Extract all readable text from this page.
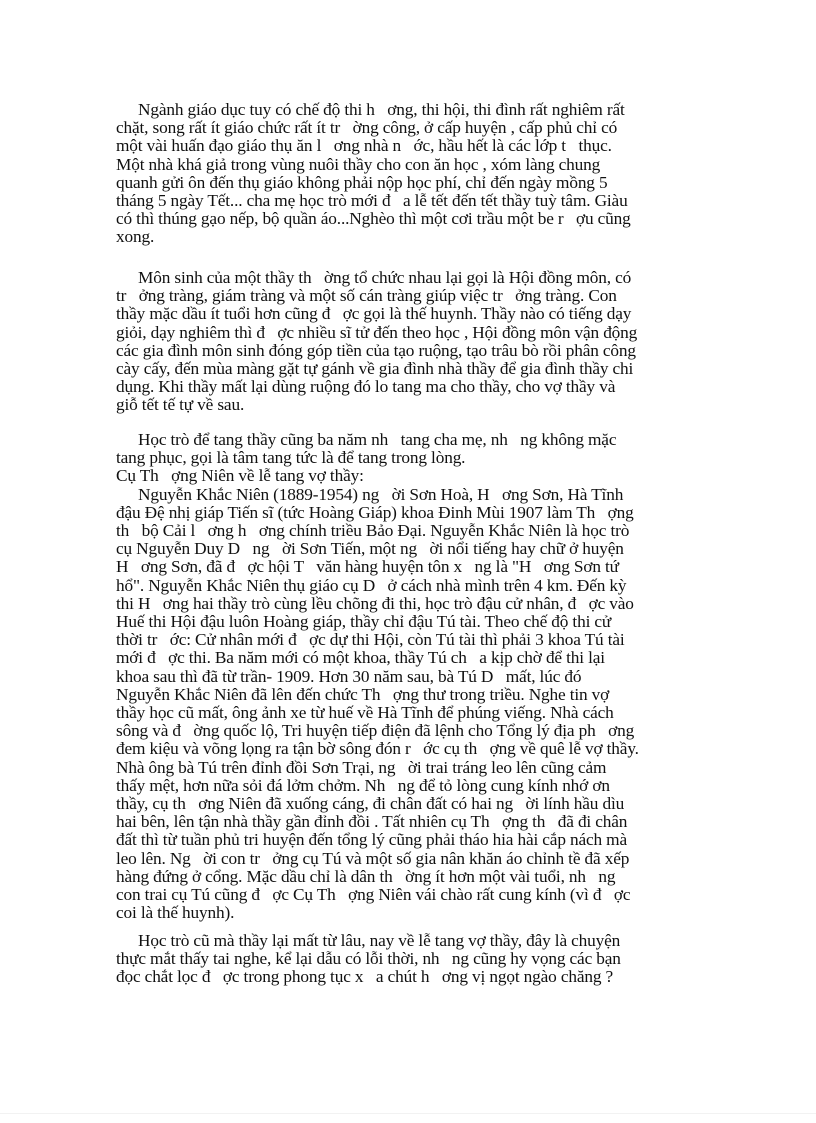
Ngành giáo dục tuy có chế độ thi h   ơng, thi hội, thi đình rất nghiêm rất
chặt, song rất ít giáo chức rất ít tr   ờng công, ở cấp huyện , cấp phủ chỉ có
một vài huấn đạo giáo thụ ăn l   ơng nhà n   ớc, hầu hết là các lớp t   thục.
Một nhà khá giả trong vùng nuôi thầy cho con ăn học , xóm làng chung
quanh gửi ôn đến thụ giáo không phải nộp học phí, chỉ đến ngày mồng 5
tháng 5 ngày Tết... cha mẹ học trò mới đ   a lễ tết đến tết thầy tuỳ tâm. Giàu
có thì thúng gạo nếp, bộ quần áo...Nghèo thì một cơi trầu một be r   ợu cũng
xong.
Môn sinh của một thầy th   ờng tổ chức nhau lại gọi là Hội đồng môn, có
tr   ởng tràng, giám tràng và một số cán tràng giúp việc tr   ởng tràng. Con
thầy mặc dầu ít tuổi hơn cũng đ   ợc gọi là thế huynh. Thầy nào có tiếng dạy
giỏi, dạy nghiêm thì đ   ợc nhiều sĩ tử đến theo học , Hội đồng môn vận động
các gia đình môn sinh đóng góp tiền của tạo ruộng, tạo trâu bò rồi phân công
cày cấy, đến mùa màng gặt tự gánh về gia đình nhà thầy để gia đình thầy chi
dụng. Khi thầy mất lại dùng ruộng đó lo tang ma cho thầy, cho vợ thầy và
giỗ tết tế tự về sau.
Học trò để tang thầy cũng ba năm nh   tang cha mẹ, nh   ng không mặc
tang phục, gọi là tâm tang tức là để tang trong lòng.
Cụ Th   ợng Niên về lễ tang vợ thầy:
Nguyễn Khắc Niên (1889-1954) ng   ời Sơn Hoà, H   ơng Sơn, Hà Tĩnh
đậu Đệ nhị giáp Tiến sĩ (tức Hoàng Giáp) khoa Đinh Mùi 1907 làm Th   ợng
th   bộ Cải l   ơng h   ơng chính triều Bảo Đại. Nguyễn Khắc Niên là học trò
cụ Nguyễn Duy D   ng   ời Sơn Tiến, một ng   ời nổi tiếng hay chữ ở huyện
H   ơng Sơn, đã đ   ợc hội T   văn hàng huyện tôn x   ng là "H   ơng Sơn tứ
hổ". Nguyễn Khắc Niên thụ giáo cụ D   ở cách nhà mình trên 4 km. Đến kỳ
thi H   ơng hai thầy trò cùng lều chõng đi thi, học trò đậu cử nhân, đ   ợc vào
Huế thi Hội đậu luôn Hoàng giáp, thầy chỉ đậu Tú tài. Theo chế độ thi cử
thời tr   ớc: Cử nhân mới đ   ợc dự thi Hội, còn Tú tài thì phải 3 khoa Tú tài
mới đ   ợc thi. Ba năm mới có một khoa, thầy Tú ch   a kịp chờ để thi lại
khoa sau thì đã từ trần- 1909. Hơn 30 năm sau, bà Tú D   mất, lúc đó
Nguyễn Khắc Niên đã lên đến chức Th   ợng thư trong triều. Nghe tin vợ
thầy học cũ mất, ông ảnh xe từ huế về Hà Tĩnh để phúng viếng. Nhà cách
sông và đ   ờng quốc lộ, Tri huyện tiếp điện đã lệnh cho Tổng lý địa ph   ơng
đem kiệu và võng lọng ra tận bờ sông đón r   ớc cụ th   ợng về quê lễ vợ thầy.
Nhà ông bà Tú trên đỉnh đồi Sơn Trại, ng   ời trai tráng leo lên cũng cảm
thấy mệt, hơn nữa sỏi đá lởm chởm. Nh   ng để tỏ lòng cung kính nhớ ơn
thầy, cụ th   ơng Niên đã xuống cáng, đi chân đất có hai ng   ời lính hầu dìu
hai bên, lên tận nhà thầy gần đỉnh đồi . Tất nhiên cụ Th   ợng th   đã đi chân
đất thì từ tuần phủ tri huyện đến tổng lý cũng phải tháo hia hài cắp nách mà
leo lên. Ng   ời con tr   ởng cụ Tú và một số gia nân khăn áo chỉnh tề đã xếp
hàng đứng ở cổng. Mặc dầu chỉ là dân th   ờng ít hơn một vài tuổi, nh   ng
con trai cụ Tú cũng đ   ợc Cụ Th   ợng Niên vái chào rất cung kính (vì đ   ợc
coi là thế huynh).
Học trò cũ mà thầy lại mất từ lâu, nay về lễ tang vợ thầy, đây là chuyện
thực mắt thấy tai nghe, kể lại dẫu có lỗi thời, nh   ng cũng hy vọng các bạn
đọc chắt lọc đ   ợc trong phong tục x   a chút h   ơng vị ngọt ngào chăng ?
